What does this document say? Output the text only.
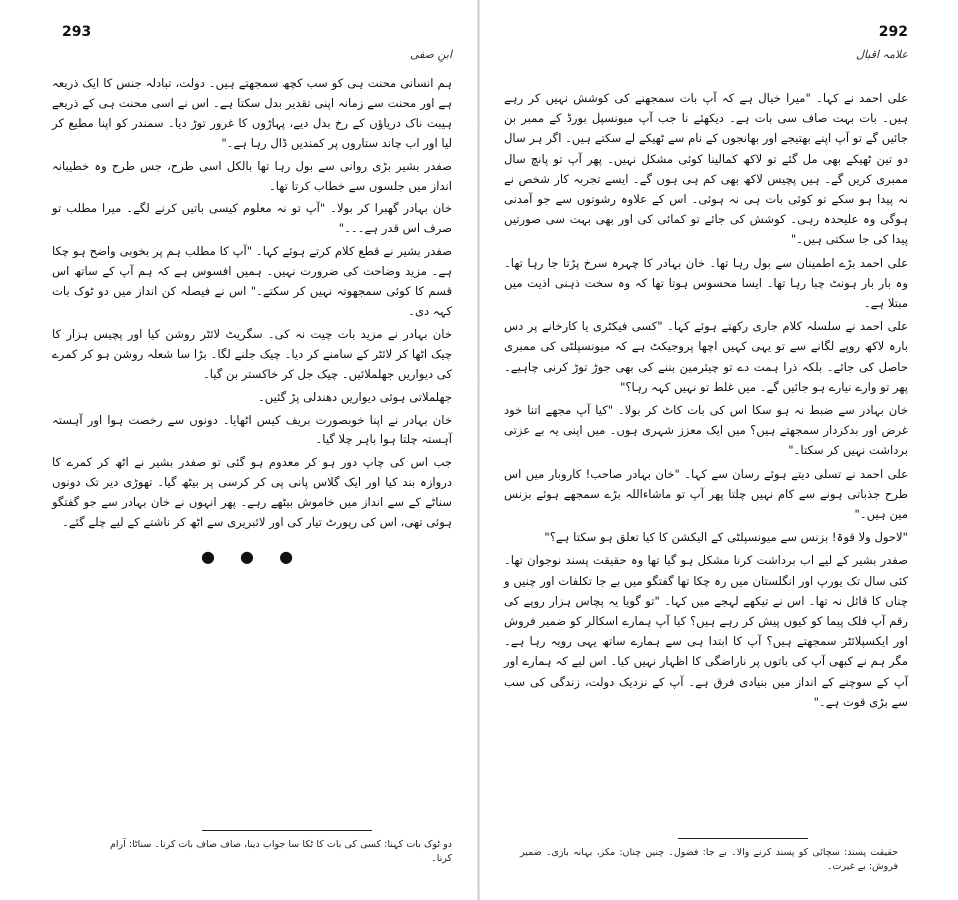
293
ابنِ صفی

ہم انسانی محنت ہی کو سب کچھ سمجھتے ہیں۔ دولت، تبادلہ جنس کا ایک ذریعہ ہے اور محنت سے زمانہ اپنی تقدیر بدل سکتا ہے۔ اس نے اسی محنت ہی کے ذریعے ہیبت ناک دریاؤں کے رخ بدل دیے، پہاڑوں کا غرور توڑ دیا۔ سمندر کو اپنا مطیع کر لیا اور اب چاند ستاروں پر کمندیں ڈال رہا ہے۔"

صفدر بشیر بڑی روانی سے بول رہا تھا بالکل اسی طرح، جس طرح وہ خطیبانہ انداز میں جلسوں سے خطاب کرتا تھا۔

خان بہادر گھبرا کر بولا۔ "آپ تو نہ معلوم کیسی باتیں کرنے لگے۔ میرا مطلب تو صرف اس قدر ہے۔۔۔"

صفدر بشیر نے قطع کلام کرتے ہوئے کہا۔ "آپ کا مطلب ہم پر بخوبی واضح ہو چکا ہے۔ مزید وضاحت کی ضرورت نہیں۔ ہمیں افسوس ہے کہ ہم آپ کے ساتھ اس قسم کا کوئی سمجھوتہ نہیں کر سکتے۔" اس نے فیصلہ کن انداز میں دو ٹوک بات کہہ دی۔

خان بہادر نے مزید بات چیت نہ کی۔ سگریٹ لائٹر روشن کیا اور پچیس ہزار کا چیک اٹھا کر لائٹر کے سامنے کر دیا۔ چیک جلنے لگا۔ بڑا سا شعلہ روشن ہو کر کمرے کی دیواریں جھلملائیں۔ چیک جل کر خاکستر بن گیا۔

جھلملاتی ہوئی دیواریں دھندلی پڑ گئیں۔

خان بہادر نے اپنا خوبصورت بریف کیس اٹھایا۔ دونوں سے رخصت ہوا اور آہستہ آہستہ چلتا ہوا باہر چلا گیا۔

جب اس کی چاپ دور ہو کر معدوم ہو گئی تو صفدر بشیر نے اٹھ کر کمرے کا دروازہ بند کیا اور ایک گلاس پانی پی کر کرسی پر بیٹھ گیا۔ تھوڑی دیر تک دونوں سناٹے کے سے انداز میں خاموش بیٹھے رہے۔ پھر انہوں نے خان بہادر سے جو گفتگو ہوئی تھی، اس کی رپورٹ تیار کی اور لائبریری سے اٹھ کر ناشتے کے لیے چلے گئے۔

● ● ●
دو ٹوک بات کہنا: کسی کی بات کا ٹکا سا جواب دینا، صاف صاف بات کرنا۔ سناٹا: آرام کرنا۔
292
علامہ اقبال

علی احمد نے کہا۔ "میرا خیال ہے کہ آپ بات سمجھنے کی کوشش نہیں کر رہے ہیں۔ بات بہت صاف سی بات ہے۔ دیکھئے نا جب آپ میونسپل بورڈ کے ممبر بن جائیں گے تو آپ اپنے بھتیجے اور بھانجوں کے نام سے ٹھیکے لے سکتے ہیں۔ اگر ہر سال دو تین ٹھیکے بھی مل گئے تو لاکھ کمالینا کوئی مشکل نہیں۔ پھر آپ تو پانچ سال ممبری کریں گے۔ ہیں پچیس لاکھ بھی کم ہی ہوں گے۔ ایسے تجربہ کار شخص نے نہ پیدا ہو سکے تو کوئی بات ہی نہ ہوئی۔ اس کے علاوہ رشوتوں سے جو آمدنی ہوگی وہ علیحدہ رہی۔ کوشش کی جائے تو کمائی کی اور بھی بہت سی صورتیں پیدا کی جا سکتی ہیں۔"

علی احمد بڑے اطمینان سے بول رہا تھا۔ خان بہادر کا چہرہ سرخ پڑتا جا رہا تھا۔ وہ بار بار ہونٹ چبا رہا تھا۔ ایسا محسوس ہوتا تھا کہ وہ سخت ذہنی اذیت میں مبتلا ہے۔

علی احمد نے سلسلہ کلام جاری رکھتے ہوئے کہا۔ "کسی فیکٹری یا کارخانے پر دس بارہ لاکھ روپے لگانے سے تو یہی کہیں اچھا پروجیکٹ ہے کہ میونسپلٹی کی ممبری حاصل کی جائے۔ بلکہ ذرا ہمت دے تو چیئرمین بننے کی بھی جوڑ توڑ کرنی چاہیے۔ پھر تو وارے نیارے ہو جائیں گے۔ میں غلط تو نہیں کہہ رہا؟"

خان بہادر سے ضبط نہ ہو سکا اس کی بات کاٹ کر بولا۔ "کیا آپ مجھے اتنا خود غرض اور بدکردار سمجھتے ہیں؟ میں ایک معزز شہری ہوں۔ میں اپنی یہ بے عزتی برداشت نہیں کر سکتا۔"

علی احمد نے تسلی دیتے ہوئے رسان سے کہا۔ "خان بہادر صاحب! کاروبار میں اس طرح جذباتی ہونے سے کام نہیں چلتا پھر آپ تو ماشاءاللہ بڑے سمجھے ہوئے بزنس مین ہیں۔"

"لاحول ولا قوۃ! بزنس سے میونسپلٹی کے الیکشن کا کیا تعلق ہو سکتا ہے؟"

صفدر بشیر کے لیے اب برداشت کرنا مشکل ہو گیا تھا وہ حقیقت پسند نوجوان تھا۔ کئی سال تک یورپ اور انگلستان میں رہ چکا تھا گفتگو میں بے جا تکلفات اور چنیں و چناں کا قائل نہ تھا۔ اس نے تیکھے لہجے میں کہا۔ "تو گویا یہ پچاس ہزار روپے کی رقم آپ فلک پیما کو کیوں پیش کر رہے ہیں؟ کیا آپ ہمارے اسکالر کو ضمیر فروش اور ایکسپلائٹر سمجھتے ہیں؟ آپ کا ابتدا ہی سے ہمارے ساتھ یہی رویہ رہا ہے۔ مگر ہم نے کبھی آپ کی باتوں پر ناراضگی کا اظہار نہیں کیا۔ اس لیے کہ ہمارے اور آپ کے سوچنے کے انداز میں بنیادی فرق ہے۔ آپ کے نزدیک دولت، زندگی کی سب سے بڑی قوت ہے۔"

حقیقت پسند: سچائی کو پسند کرنے والا۔ بے جا: فضول۔ چنیں چناں: مکر، بہانہ بازی۔ ضمیر فروش: بے غیرت۔
